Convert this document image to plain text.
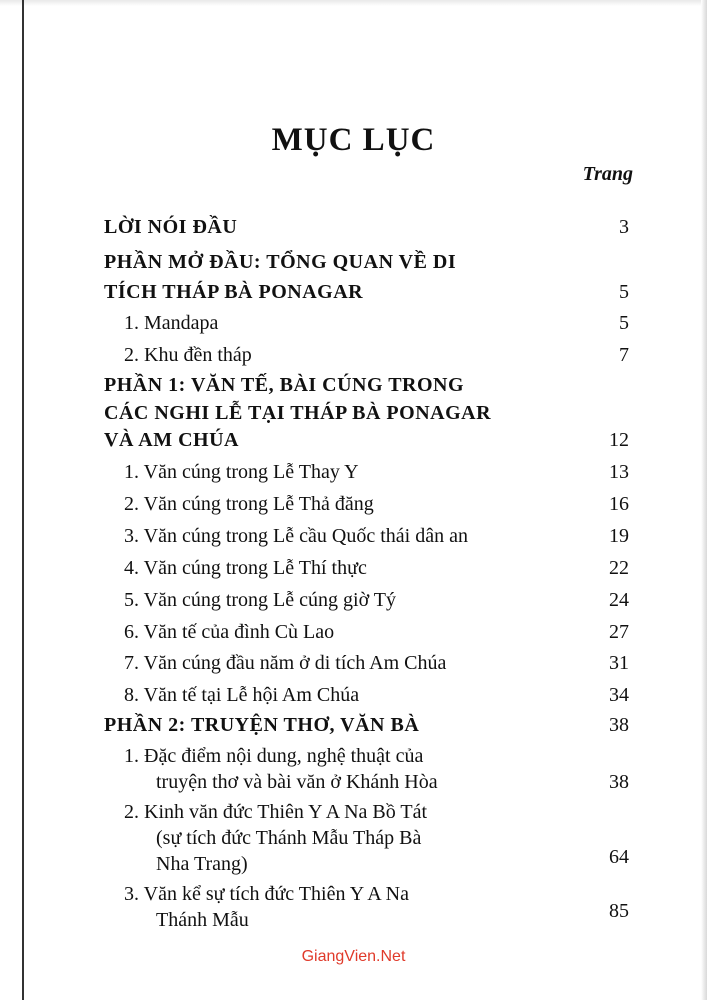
MỤC LỤC
Trang
LỜI NÓI ĐẦU	3
PHẦN MỞ ĐẦU: TỔNG QUAN VỀ DI
TÍCH THÁP BÀ PONAGAR	5
1. Mandapa	5
2. Khu đền tháp	7
PHẦN 1: VĂN TẾ, BÀI CÚNG TRONG
CÁC NGHI LỄ TẠI THÁP BÀ PONAGAR
VÀ AM CHÚA	12
1. Văn cúng trong Lễ Thay Y	13
2. Văn cúng trong Lễ Thả đăng	16
3. Văn cúng trong Lễ cầu Quốc thái dân an	19
4. Văn cúng trong Lễ Thí thực	22
5. Văn cúng trong Lễ cúng giờ Tý	24
6. Văn tế của đình Cù Lao	27
7. Văn cúng đầu năm ở di tích Am Chúa	31
8. Văn tế tại Lễ hội Am Chúa	34
PHẦN 2: TRUYỆN THƠ, VĂN BÀ	38
1. Đặc điểm nội dung, nghệ thuật của
truyện thơ và bài văn ở Khánh Hòa	38
2. Kinh văn đức Thiên Y A Na Bồ Tát
(sự tích đức Thánh Mẫu Tháp Bà
Nha Trang)	64
3. Văn kể sự tích đức Thiên Y A Na
Thánh Mẫu	85
GiangVien.Net
